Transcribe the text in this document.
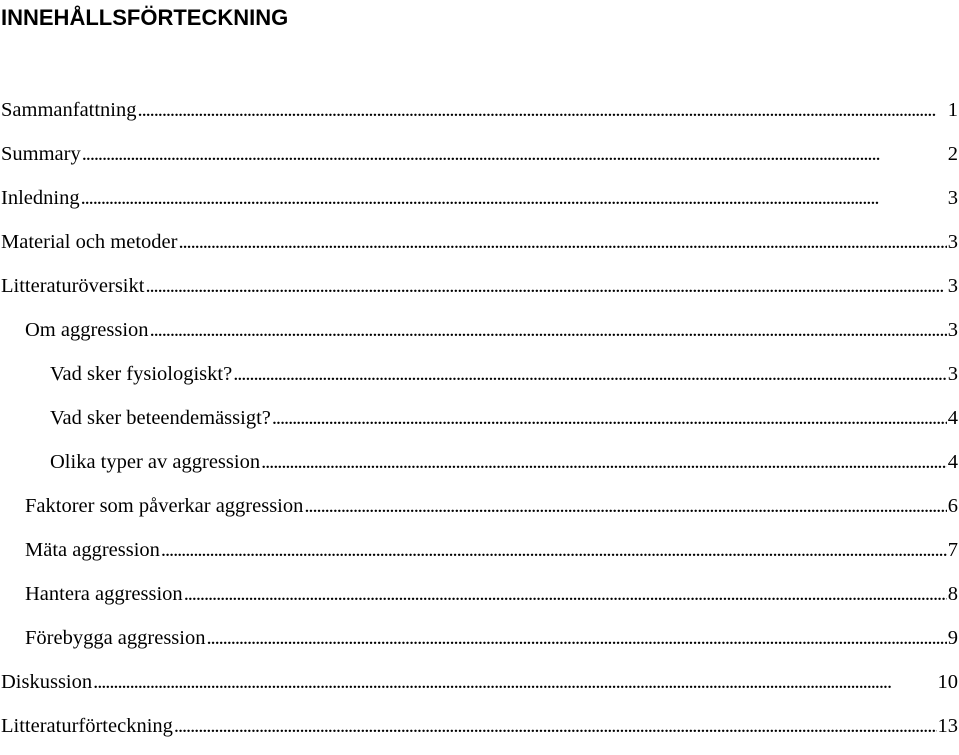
INNEHÅLLSFÖRTECKNING
Sammanfattning . . .	1
Summary . . .	2
Inledning . . .	3
Material och metoder . . .	3
Litteraturöversikt . . .	3
Om aggression . . .	3
Vad sker fysiologiskt? . . .	3
Vad sker beteendemässigt? . . .	4
Olika typer av aggression . . .	4
Faktorer som påverkar aggression . . .	6
Mäta aggression . . .	7
Hantera aggression . . .	8
Förebygga aggression . . .	9
Diskussion . . .	10
Litteraturförteckning . . .	13
